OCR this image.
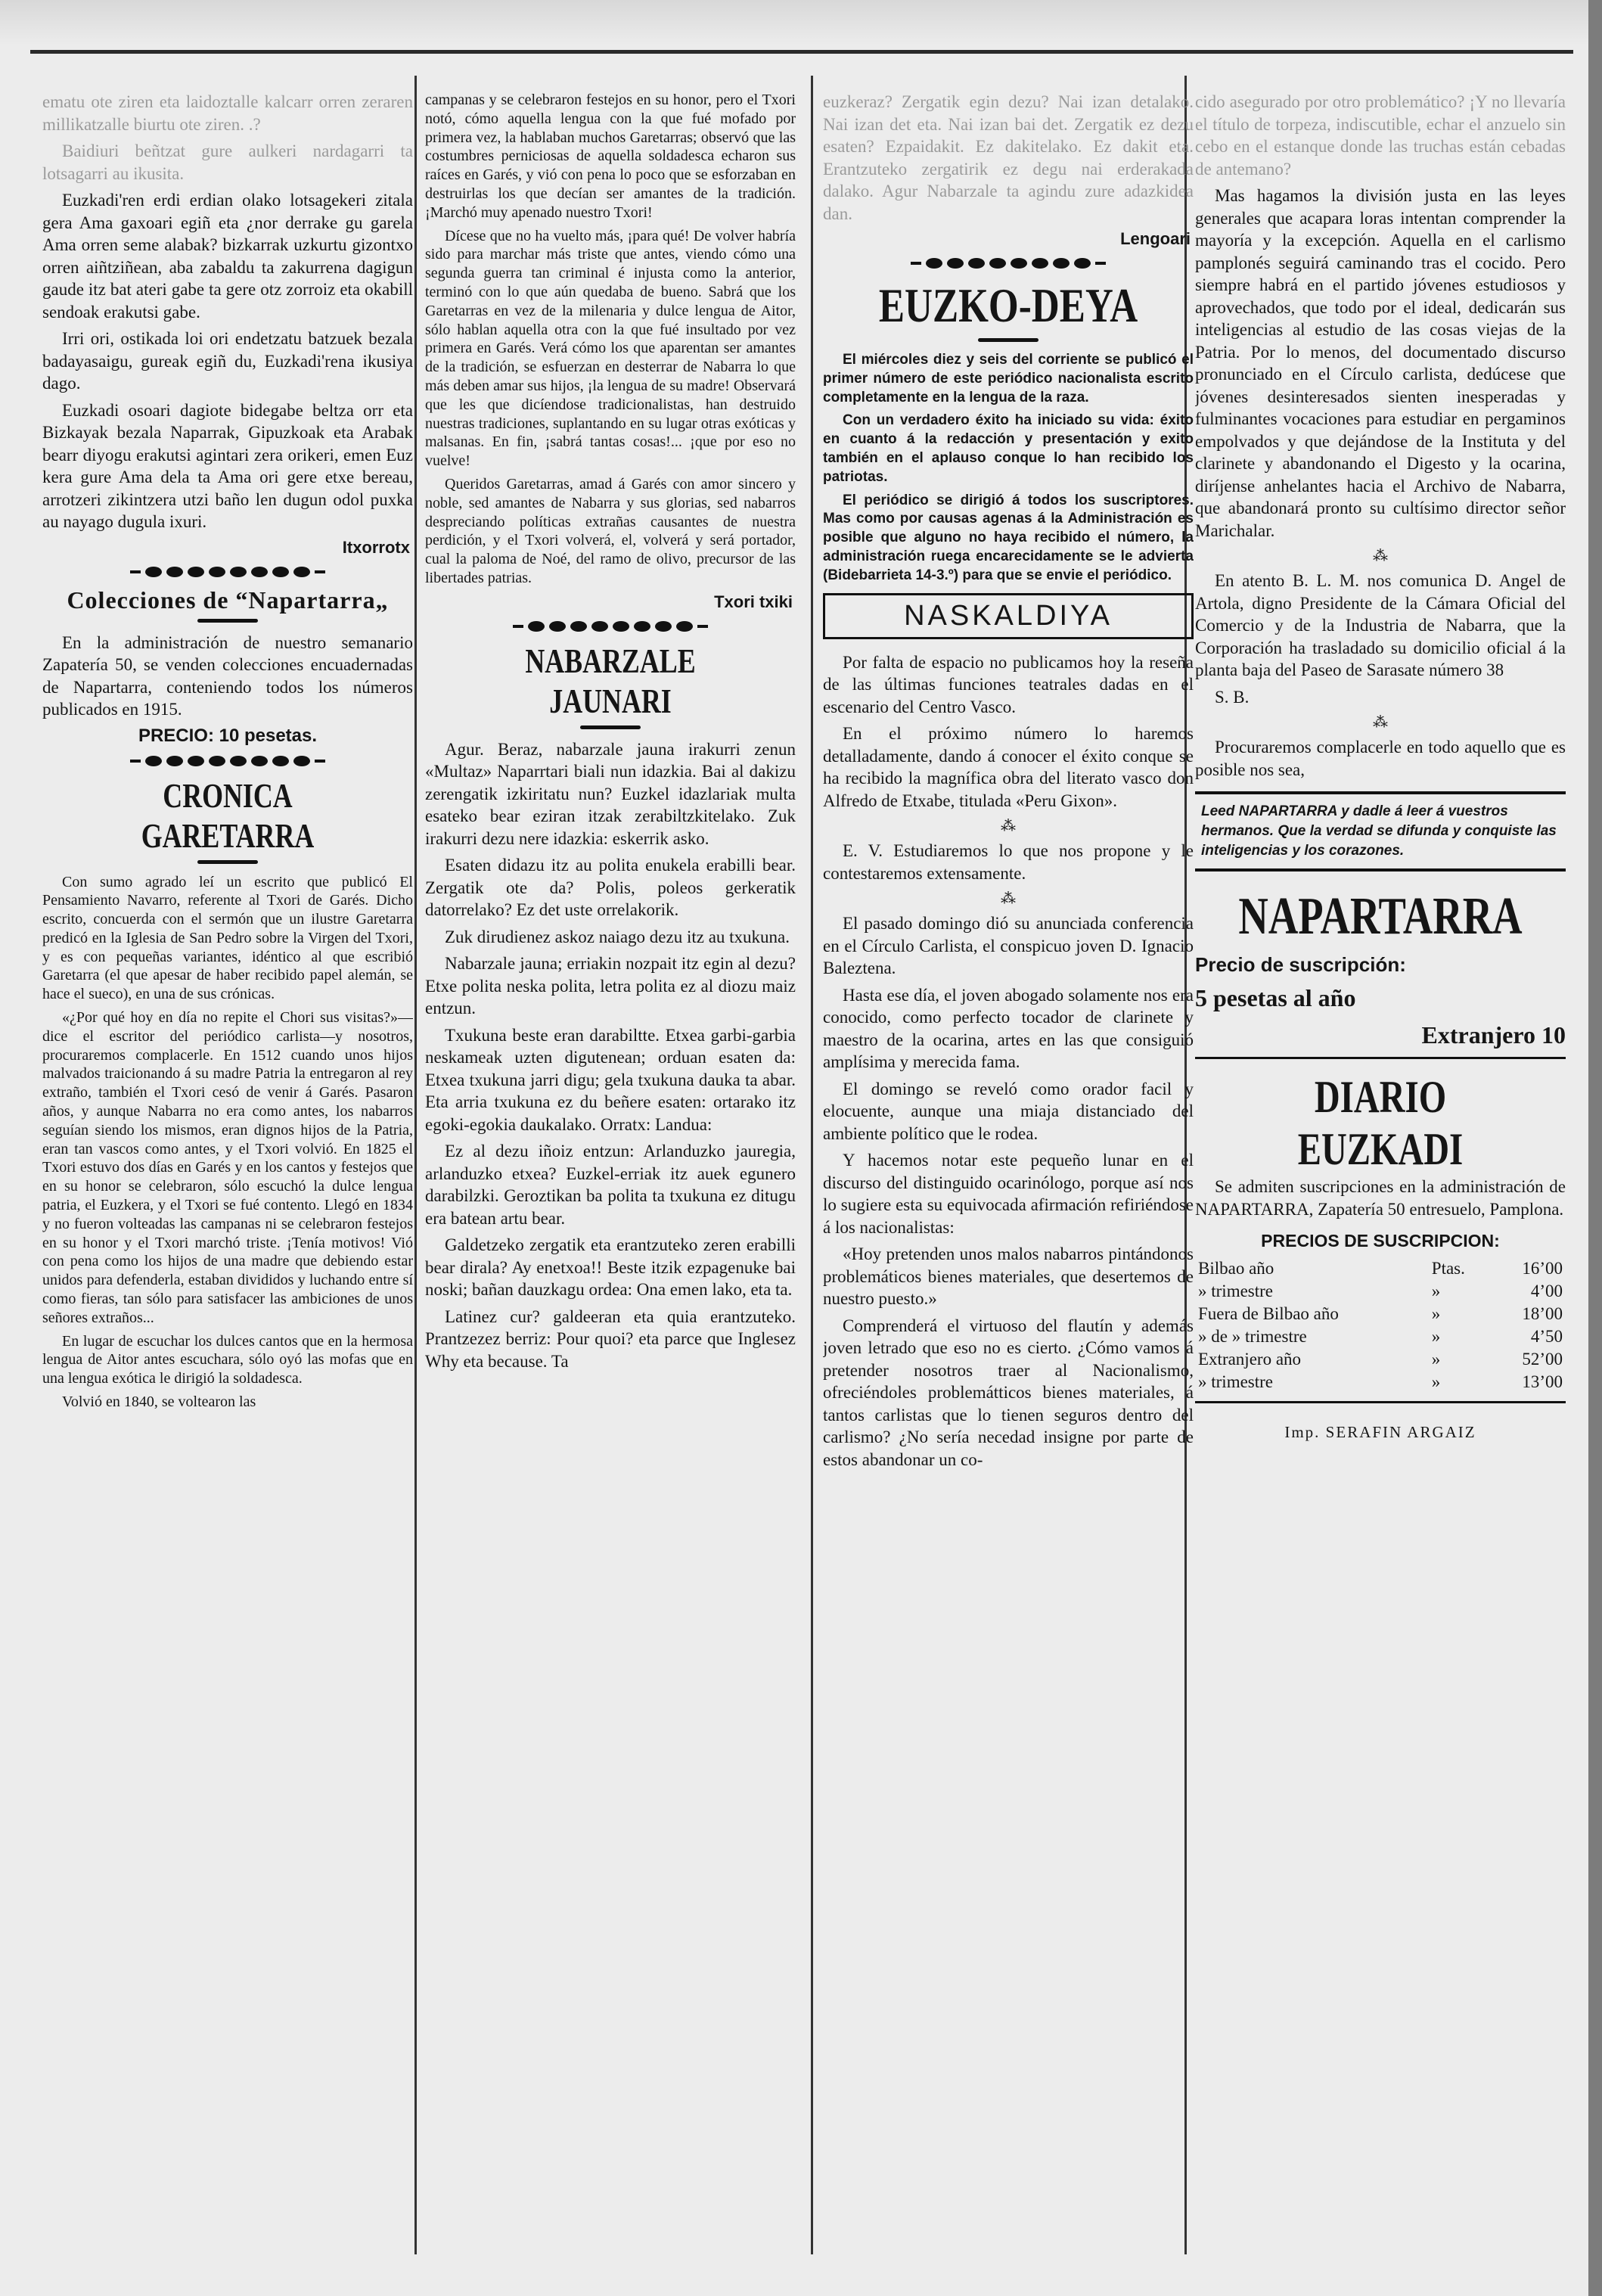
ematu ote ziren eta laidoztalle kalcarr orren zeraren millikatzalle biurtu ote ziren. .?

Baidiuri beñtzat gure aulkeri nardagarri ta lotsagarri au ikusita.

Euzkadi'ren erdi erdian olako lotsagekeri zitala gera Ama gaxoari egiñ eta ¿nor derrake gu garela Ama orren seme alabak? bizkarrak uzkurtu gizontxo orren aiñtziñean, aba zabaldu ta zakurrena dagigun gaude itz bat ateri gabe ta gere otz zorroiz eta okabill sendoak erakutsi gabe.

Irri ori, ostikada loi ori endetzatu batzuek bezala badayasaigu, gureak egiñ du, Euzkadi'rena ikusiya dago.

Euzkadi osoari dagiote bidegabe beltza orr eta Bizkayak bezala Naparrak, Gipuzkoak eta Arabak bearr diyogu erakutsi agintari zera orikeri, emen Euz kera gure Ama dela ta Ama ori gere etxe bereau, arrotzeri zikintzera utzi baño len dugun odol puxka au nayago dugula ixuri.

Itxorrotx
Colecciones de “Napartarra„

En la administración de nuestro semanario Zapatería 50, se venden colecciones encuadernadas de Napartarra, conteniendo todos los números publicados en 1915.

PRECIO: 10 pesetas.
CRONICA GARETARRA

Con sumo agrado leí un escrito que publicó El Pensamiento Navarro, referente al Txori de Garés. Dicho escrito, concuerda con el sermón que un ilustre Garetarra predicó en la Iglesia de San Pedro sobre la Virgen del Txori, y es con pequeñas variantes, idéntico al que escribió Garetarra (el que apesar de haber recibido papel alemán, se hace el sueco), en una de sus crónicas.

«¿Por qué hoy en día no repite el Chori sus visitas?»— dice el escritor del periódico carlista—y nosotros, procuraremos complacerle. En 1512 cuando unos hijos malvados traicionando á su madre Patria la entregaron al rey extraño, también el Txori cesó de venir á Garés. Pasaron años, y aunque Nabarra no era como antes, los nabarros seguían siendo los mismos, eran dignos hijos de la Patria, eran tan vascos como antes, y el Txori volvió. En 1825 el Txori estuvo dos días en Garés y en los cantos y festejos que en su honor se celebraron, sólo escuchó la dulce lengua patria, el Euzkera, y el Txori se fué contento. Llegó en 1834 y no fueron volteadas las campanas ni se celebraron festejos en su honor y el Txori marchó triste. ¡Tenía motivos! Vió con pena como los hijos de una madre que debiendo estar unidos para defenderla, estaban divididos y luchando entre sí como fieras, tan sólo para satisfacer las ambiciones de unos señores extraños...

En lugar de escuchar los dulces cantos que en la hermosa lengua de Aitor antes escuchara, sólo oyó las mofas que en una lengua exótica le dirigió la soldadesca.

Volvió en 1840, se voltearon las

campanas y se celebraron festejos en su honor, pero el Txori notó, cómo aquella lengua con la que fué mofado por primera vez, la hablaban muchos Garetarras; observó que las costumbres perniciosas de aquella soldadesca echaron sus raíces en Garés, y vió con pena lo poco que se esforzaban en destruirlas los que decían ser amantes de la tradición. ¡Marchó muy apenado nuestro Txori!

Dícese que no ha vuelto más, ¡para qué! De volver habría sido para marchar más triste que antes, viendo cómo una segunda guerra tan criminal é injusta como la anterior, terminó con lo que aún quedaba de bueno. Sabrá que los Garetarras en vez de la milenaria y dulce lengua de Aitor, sólo hablan aquella otra con la que fué insultado por vez primera en Garés. Verá cómo los que aparentan ser amantes de la tradición, se esfuerzan en desterrar de Nabarra lo que más deben amar sus hijos, ¡la lengua de su madre! Observará que les que dicíendose tradicionalistas, han destruido nuestras tradiciones, suplantando en su lugar otras exóticas y malsanas. En fin, ¡sabrá tantas cosas!... ¡que por eso no vuelve!

Queridos Garetarras, amad á Garés con amor sincero y noble, sed amantes de Nabarra y sus glorias, sed nabarros despreciando políticas extrañas causantes de nuestra perdición, y el Txori volverá, el, volverá y será portador, cual la paloma de Noé, del ramo de olivo, precursor de las libertades patrias.

Txori txiki
NABARZALE JAUNARI

Agur. Beraz, nabarzale jauna irakurri zenun «Multaz» Naparrtari biali nun idazkia. Bai al dakizu zerengatik izkiritatu nun? Euzkel idazlariak multa esateko bear eziran itzak zerabiltzkitelako. Zuk irakurri dezu nere idazkia: eskerrik asko.

Esaten didazu itz au polita enukela erabilli bear. Zergatik ote da? Polis, poleos gerkeratik datorrelako? Ez det uste orrelakorik.

Zuk dirudienez askoz naiago dezu itz au txukuna.

Nabarzale jauna; erriakin nozpait itz egin al dezu? Etxe polita neska polita, letra polita ez al diozu maiz entzun.

Txukuna beste eran darabiltte. Etxea garbi-garbia neskameak uzten digutenean; orduan esaten da: Etxea txukuna jarri digu; gela txukuna dauka ta abar. Eta arria txukuna ez du beñere esaten: ortarako itz egoki-egokia daukalako. Orratx: Landua:

Ez al dezu iñoiz entzun: Arlanduzko jauregia, arlanduzko etxea? Euzkel-erriak itz auek egunero darabilzki. Geroztikan ba polita ta txukuna ez ditugu era batean artu bear.

Galdetzeko zergatik eta erantzuteko zeren erabilli bear dirala? Ay enetxoa!! Beste itzik ezpagenuke bai noski; bañan dauzkagu ordea: Ona emen lako, eta ta.

Latinez cur? galdeeran eta quia erantzuteko. Prantzezez berriz: Pour quoi? eta parce que Inglesez Why eta because. Ta

euzkeraz? Zergatik egin dezu? Nai izan detalako. Nai izan det eta. Nai izan bai det. Zergatik ez dezu esaten? Ezpaidakit. Ez dakitelako. Ez dakit eta. Erantzuteko zergatirik ez degu nai erderakada dalako. Agur Nabarzale ta agindu zure adazkidea dan.

Lengoari
EUZKO-DEYA

El miércoles diez y seis del corriente se publicó el primer número de este periódico nacionalista escrito completamente en la lengua de la raza.

Con un verdadero éxito ha iniciado su vida: éxito en cuanto á la redacción y presentación y exito también en el aplauso conque lo han recibido los patriotas.

El periódico se dirigió á todos los suscriptores. Mas como por causas agenas á la Administración es posible que alguno no haya recibido el número, la administración ruega encarecidamente se le advierta (Bidebarrieta 14-3.º) para que se envie el periódico.

NASKALDIYA

Por falta de espacio no publicamos hoy la reseña de las últimas funciones teatrales dadas en el escenario del Centro Vasco.

En el próximo número lo haremos detalladamente, dando á conocer el éxito conque se ha recibido la magnífica obra del literato vasco don Alfredo de Etxabe, titulada «Peru Gixon».

⁂

E. V. Estudiaremos lo que nos propone y le contestaremos extensamente.

⁂

El pasado domingo dió su anunciada conferencia en el Círculo Carlista, el conspicuo joven D. Ignacio Baleztena.

Hasta ese día, el joven abogado solamente nos era conocido, como perfecto tocador de clarinete y maestro de la ocarina, artes en las que consiguió amplísima y merecida fama.

El domingo se reveló como orador facil y elocuente, aunque una miaja distanciado del ambiente político que le rodea.

Y hacemos notar este pequeño lunar en el discurso del distinguido ocarinólogo, porque así nos lo sugiere esta su equivocada afirmación refiriéndose á los nacionalistas:

«Hoy pretenden unos malos nabarros pintándonos problemáticos bienes materiales, que desertemos de nuestro puesto.»

Comprenderá el virtuoso del flautín y además joven letrado que eso no es cierto. ¿Cómo vamos á pretender nosotros traer al Nacionalismo, ofreciéndoles problemátticos bienes materiales, á tantos carlistas que lo tienen seguros dentro del carlismo? ¿No sería necedad insigne por parte de estos abandonar un co-

cido asegurado por otro problemático? ¡Y no llevaría el título de torpeza, indiscutible, echar el anzuelo sin cebo en el estanque donde las truchas están cebadas de antemano?

Mas hagamos la división justa en las leyes generales que acapara loras intentan comprender la mayoría y la excepción. Aquella en el carlismo pamplonés seguirá caminando tras el cocido. Pero siempre habrá en el partido jóvenes estudiosos y aprovechados, que todo por el ideal, dedicarán sus inteligencias al estudio de las cosas viejas de la Patria. Por lo menos, del documentado discurso pronunciado en el Círculo carlista, dedúcese que jóvenes desinteresados sienten inesperadas y fulminantes vocaciones para estudiar en pergaminos empolvados y que dejándose de la Instituta y del clarinete y abandonando el Digesto y la ocarina, diríjense anhelantes hacia el Archivo de Nabarra, que abandonará pronto su cultísimo director señor Marichalar.

⁂

En atento B. L. M. nos comunica D. Angel de Artola, digno Presidente de la Cámara Oficial del Comercio y de la Industria de Nabarra, que la Corporación ha trasladado su domicilio oficial á la planta baja del Paseo de Sarasate número 38

S. B.

⁂

Procuraremos complacerle en todo aquello que es posible nos sea,

Leed NAPARTARRA y dadle á leer á vuestros hermanos. Que la verdad se difunda y conquiste las inteligencias y los corazones.
NAPARTARRA
Precio de suscripción:
5 pesetas al año
Extranjero 10
DIARIO EUZKADI

Se admiten suscripciones en la administración de NAPARTARRA, Zapatería 50 entresuelo, Pamplona.

PRECIOS DE SUSCRIPCION:
Bilbao año	Ptas.	16’00
» trimestre	»	4’00
Fuera de Bilbao año	»	18’00
» de » trimestre	»	4’50
Extranjero año	»	52’00
» trimestre	»	13’00
Imp. SERAFIN ARGAIZ
